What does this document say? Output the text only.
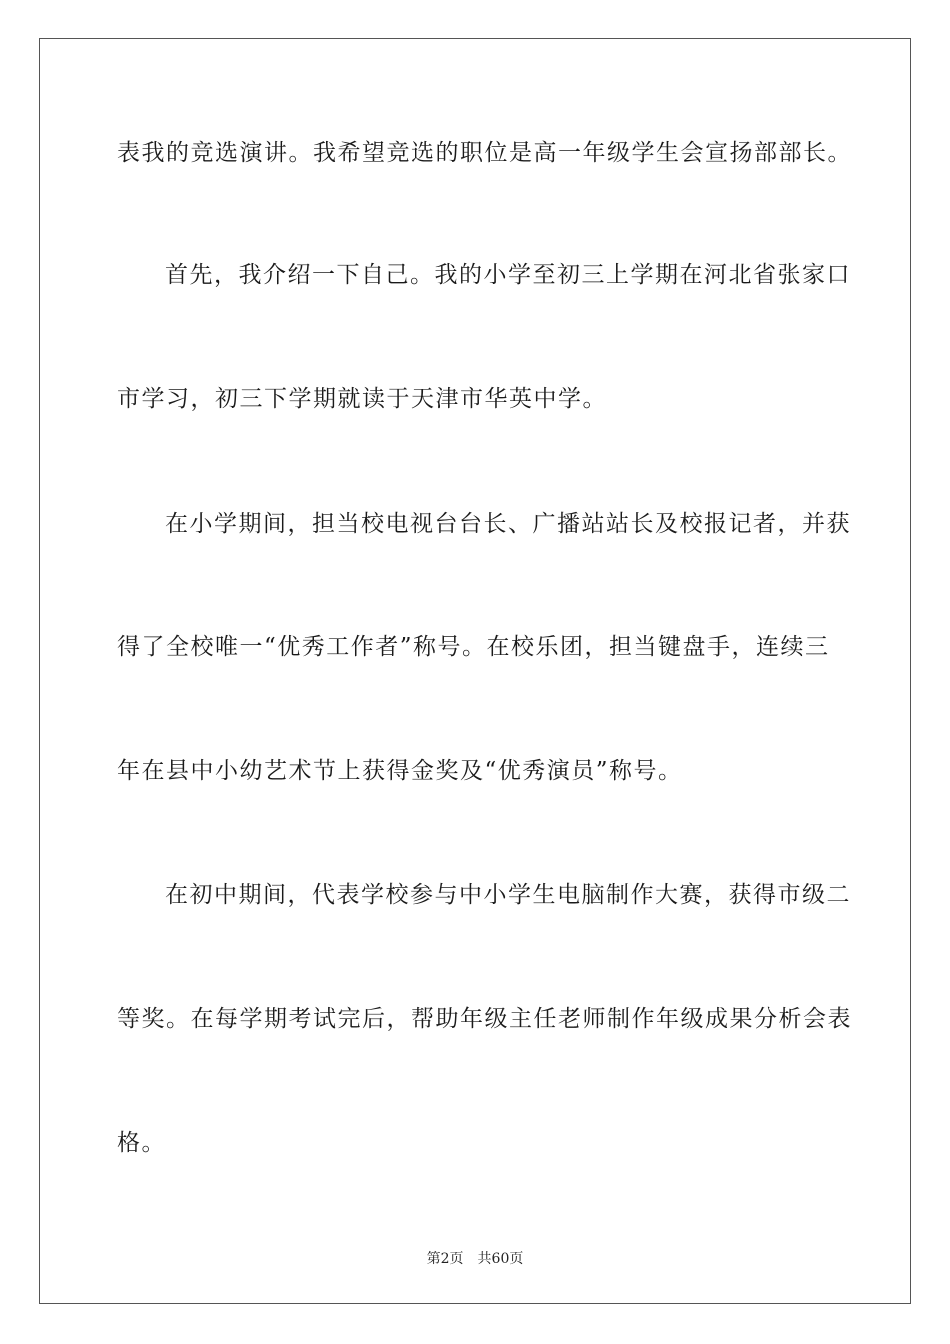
表我的竞选演讲。我希望竞选的职位是高一年级学生会宣扬部部长。
首先，我介绍一下自己。我的小学至初三上学期在河北省张家口
市学习，初三下学期就读于天津市华英中学。
在小学期间，担当校电视台台长、广播站站长及校报记者，并获
得了全校唯一“优秀工作者”称号。在校乐团，担当键盘手，连续三
年在县中小幼艺术节上获得金奖及“优秀演员”称号。
在初中期间，代表学校参与中小学生电脑制作大赛，获得市级二
等奖。在每学期考试完后，帮助年级主任老师制作年级成果分析会表
格。
第2页 共60页
